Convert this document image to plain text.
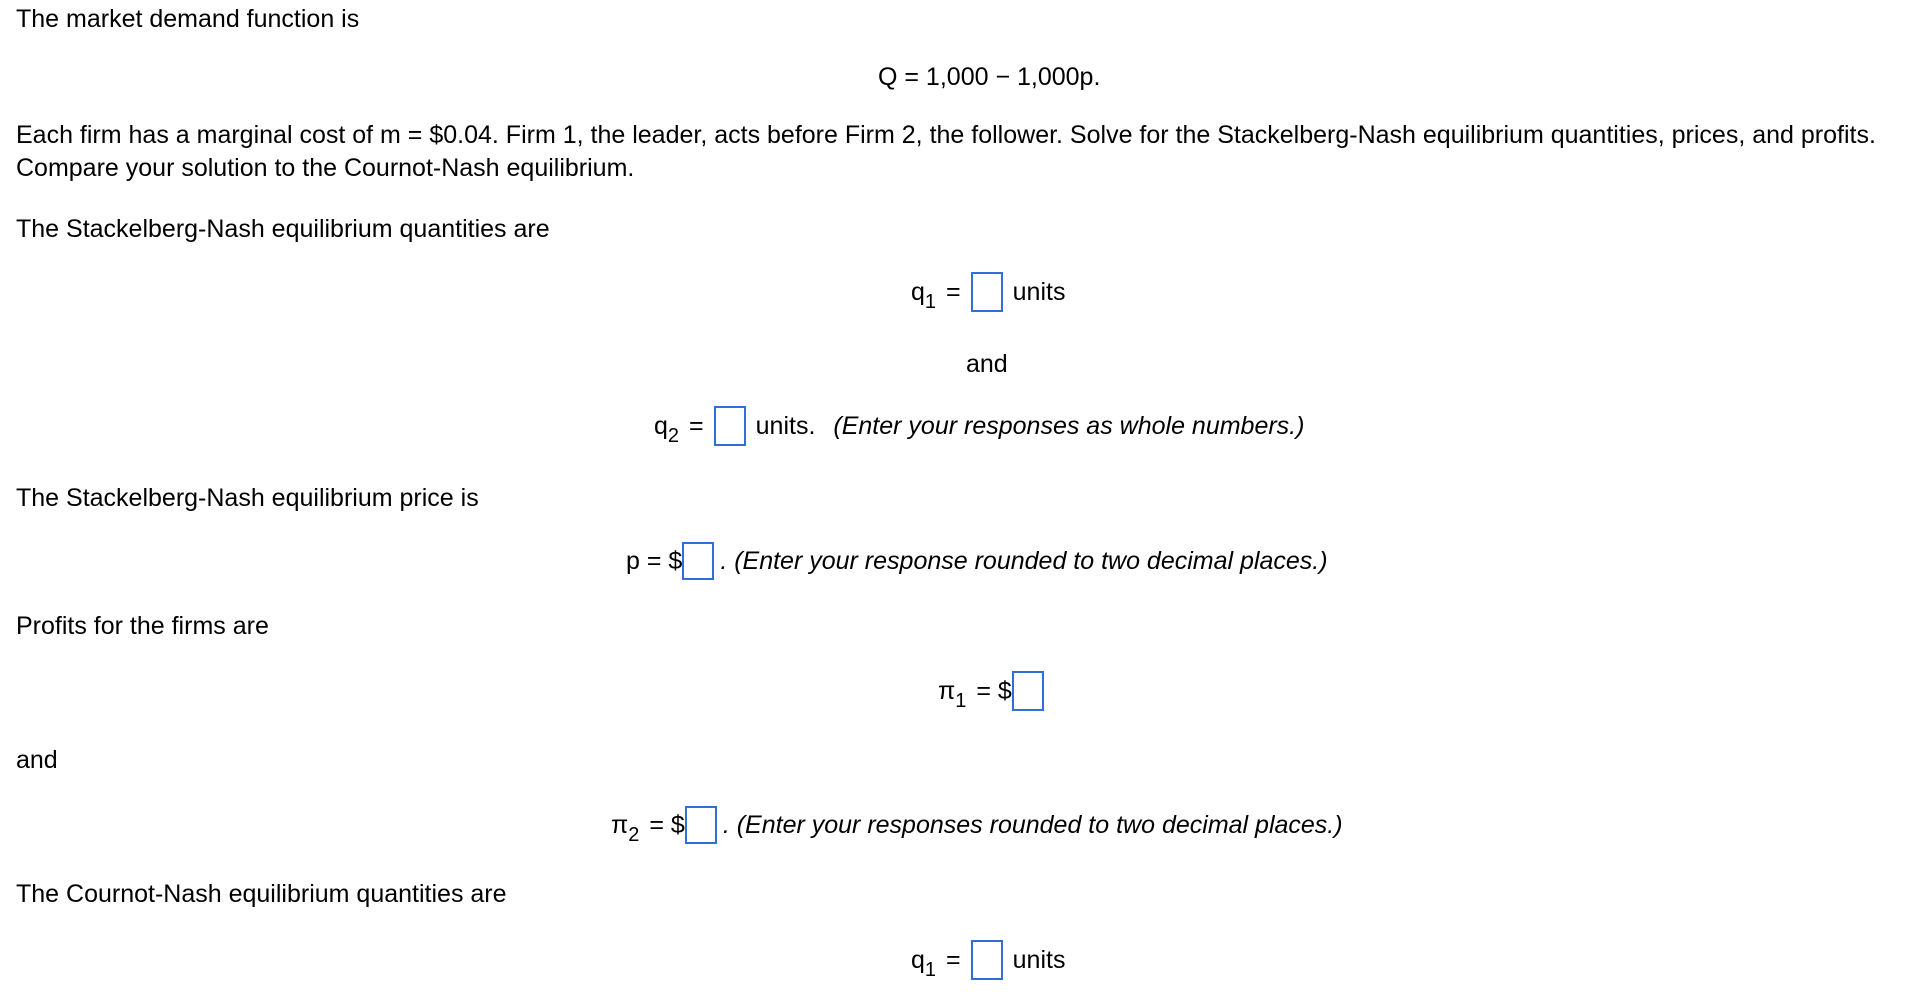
The market demand function is
Q = 1,000 − 1,000p.
Each firm has a marginal cost of m = $0.04. Firm 1, the leader, acts before Firm 2, the follower. Solve for the Stackelberg-Nash equilibrium quantities, prices, and profits. Compare your solution to the Cournot-Nash equilibrium.
The Stackelberg-Nash equilibrium quantities are
$q_1$ = units
and
$q_2$ = units. (Enter your responses as whole numbers.)
The Stackelberg-Nash equilibrium price is
p = $ . (Enter your response rounded to two decimal places.)
Profits for the firms are
$\pi_1$ = $
and
$\pi_2$ = $ . (Enter your responses rounded to two decimal places.)
The Cournot-Nash equilibrium quantities are
$q_1$ = units
